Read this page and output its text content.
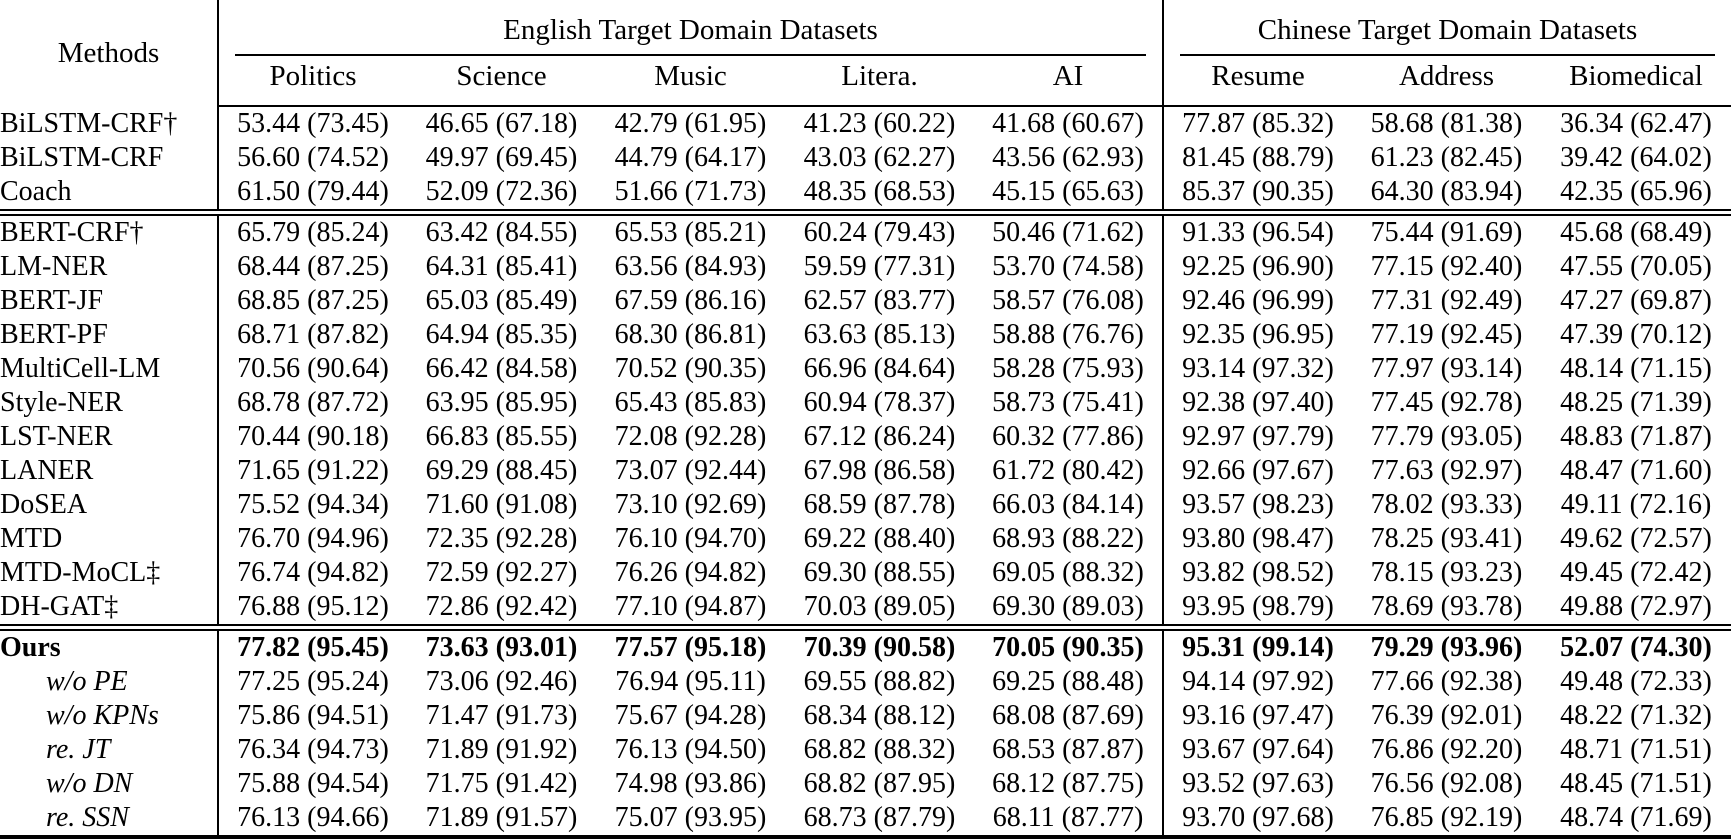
Methods	English Target Domain Datasets					Chinese Target Domain Datasets		

	Politics	Science	Music	Litera.	AI	Resume	Address	Biomedical
BiLSTM-CRF†	53.44 (73.45)	46.65 (67.18)	42.79 (61.95)	41.23 (60.22)	41.68 (60.67)	77.87 (85.32)	58.68 (81.38)	36.34 (62.47)
BiLSTM-CRF	56.60 (74.52)	49.97 (69.45)	44.79 (64.17)	43.03 (62.27)	43.56 (62.93)	81.45 (88.79)	61.23 (82.45)	39.42 (64.02)
Coach	61.50 (79.44)	52.09 (72.36)	51.66 (71.73)	48.35 (68.53)	45.15 (65.63)	85.37 (90.35)	64.30 (83.94)	42.35 (65.96)
BERT-CRF†	65.79 (85.24)	63.42 (84.55)	65.53 (85.21)	60.24 (79.43)	50.46 (71.62)	91.33 (96.54)	75.44 (91.69)	45.68 (68.49)
LM-NER	68.44 (87.25)	64.31 (85.41)	63.56 (84.93)	59.59 (77.31)	53.70 (74.58)	92.25 (96.90)	77.15 (92.40)	47.55 (70.05)
BERT-JF	68.85 (87.25)	65.03 (85.49)	67.59 (86.16)	62.57 (83.77)	58.57 (76.08)	92.46 (96.99)	77.31 (92.49)	47.27 (69.87)
BERT-PF	68.71 (87.82)	64.94 (85.35)	68.30 (86.81)	63.63 (85.13)	58.88 (76.76)	92.35 (96.95)	77.19 (92.45)	47.39 (70.12)
MultiCell-LM	70.56 (90.64)	66.42 (84.58)	70.52 (90.35)	66.96 (84.64)	58.28 (75.93)	93.14 (97.32)	77.97 (93.14)	48.14 (71.15)
Style-NER	68.78 (87.72)	63.95 (85.95)	65.43 (85.83)	60.94 (78.37)	58.73 (75.41)	92.38 (97.40)	77.45 (92.78)	48.25 (71.39)
LST-NER	70.44 (90.18)	66.83 (85.55)	72.08 (92.28)	67.12 (86.24)	60.32 (77.86)	92.97 (97.79)	77.79 (93.05)	48.83 (71.87)
LANER	71.65 (91.22)	69.29 (88.45)	73.07 (92.44)	67.98 (86.58)	61.72 (80.42)	92.66 (97.67)	77.63 (92.97)	48.47 (71.60)
DoSEA	75.52 (94.34)	71.60 (91.08)	73.10 (92.69)	68.59 (87.78)	66.03 (84.14)	93.57 (98.23)	78.02 (93.33)	49.11 (72.16)
MTD	76.70 (94.96)	72.35 (92.28)	76.10 (94.70)	69.22 (88.40)	68.93 (88.22)	93.80 (98.47)	78.25 (93.41)	49.62 (72.57)
MTD-MoCL‡	76.74 (94.82)	72.59 (92.27)	76.26 (94.82)	69.30 (88.55)	69.05 (88.32)	93.82 (98.52)	78.15 (93.23)	49.45 (72.42)
DH-GAT‡	76.88 (95.12)	72.86 (92.42)	77.10 (94.87)	70.03 (89.05)	69.30 (89.03)	93.95 (98.79)	78.69 (93.78)	49.88 (72.97)
Ours	77.82 (95.45)	73.63 (93.01)	77.57 (95.18)	70.39 (90.58)	70.05 (90.35)	95.31 (99.14)	79.29 (93.96)	52.07 (74.30)
w/o PE	77.25 (95.24)	73.06 (92.46)	76.94 (95.11)	69.55 (88.82)	69.25 (88.48)	94.14 (97.92)	77.66 (92.38)	49.48 (72.33)
w/o KPNs	75.86 (94.51)	71.47 (91.73)	75.67 (94.28)	68.34 (88.12)	68.08 (87.69)	93.16 (97.47)	76.39 (92.01)	48.22 (71.32)
re. JT	76.34 (94.73)	71.89 (91.92)	76.13 (94.50)	68.82 (88.32)	68.53 (87.87)	93.67 (97.64)	76.86 (92.20)	48.71 (71.51)
w/o DN	75.88 (94.54)	71.75 (91.42)	74.98 (93.86)	68.82 (87.95)	68.12 (87.75)	93.52 (97.63)	76.56 (92.08)	48.45 (71.51)
re. SSN	76.13 (94.66)	71.89 (91.57)	75.07 (93.95)	68.73 (87.79)	68.11 (87.77)	93.70 (97.68)	76.85 (92.19)	48.74 (71.69)
